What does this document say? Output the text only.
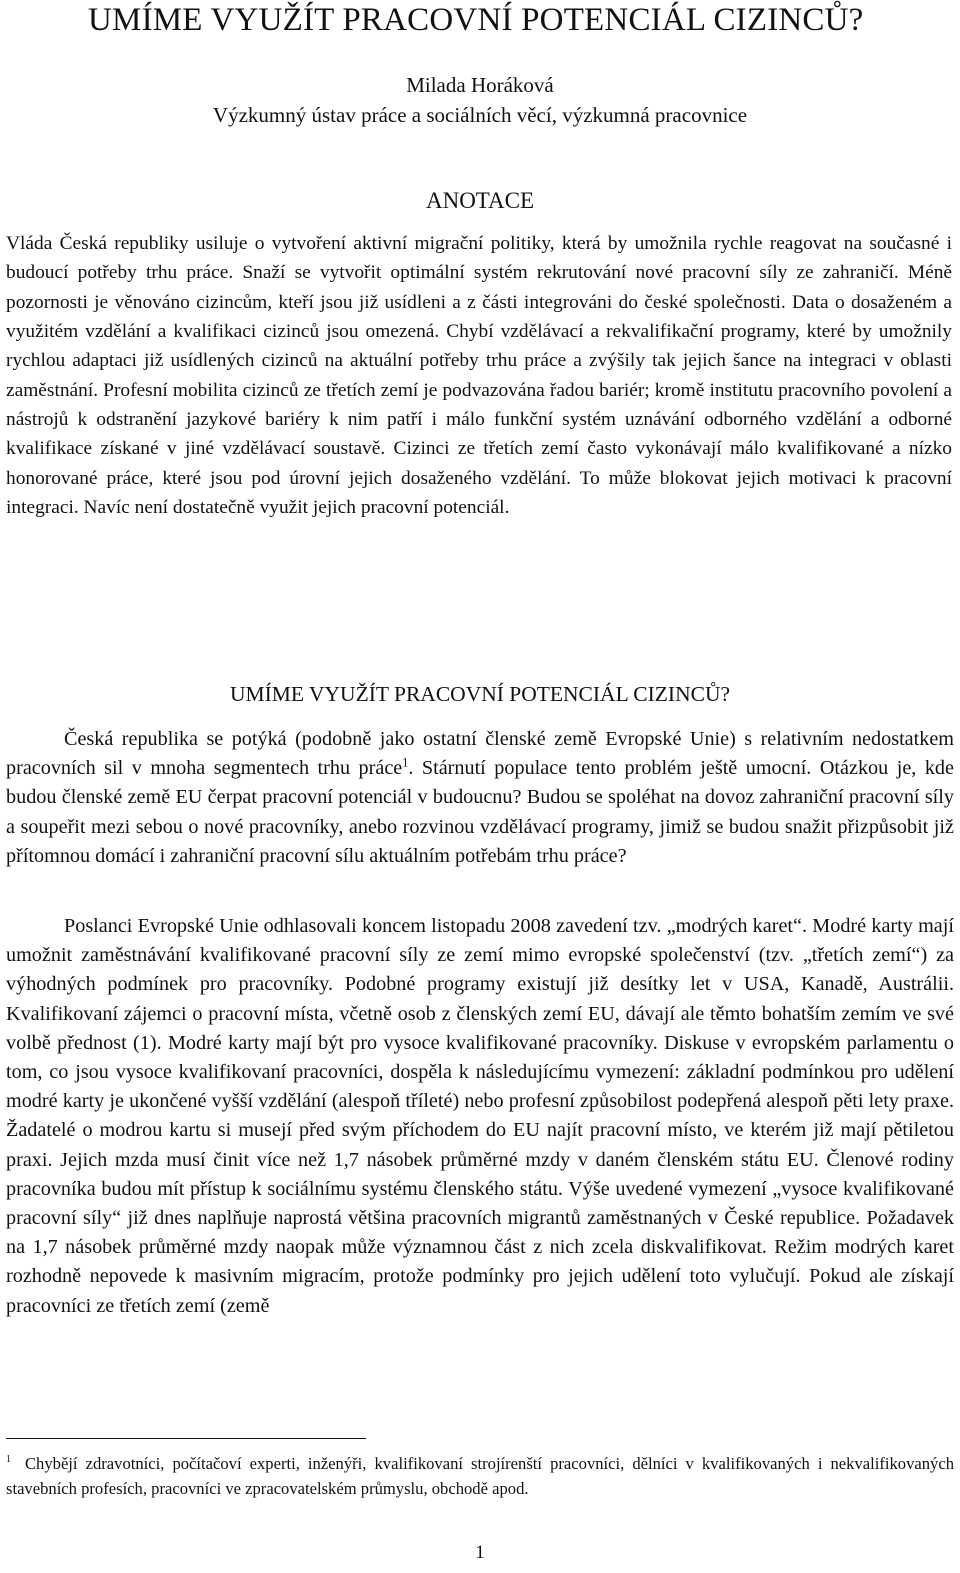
UMÍME VYUŽÍT PRACOVNÍ POTENCIÁL CIZINCŮ?
Milada Horáková
Výzkumný ústav práce a sociálních věcí, výzkumná pracovnice
ANOTACE

Vláda Česká republiky usiluje o vytvoření aktivní migrační politiky, která by umožnila rychle reagovat na současné i budoucí potřeby trhu práce. Snaží se vytvořit optimální systém rekrutování nové pracovní síly ze zahraničí. Méně pozornosti je věnováno cizincům, kteří jsou již usídleni a z části integrováni do české společnosti. Data o dosaženém a využitém vzdělání a kvalifikaci cizinců jsou omezená. Chybí vzdělávací a rekvalifikační programy, které by umožnily rychlou adaptaci již usídlených cizinců na aktuální potřeby trhu práce a zvýšily tak jejich šance na integraci v oblasti zaměstnání. Profesní mobilita cizinců ze třetích zemí je podvazována řadou bariér; kromě institutu pracovního povolení a nástrojů k odstranění jazykové bariéry k nim patří i málo funkční systém uznávání odborného vzdělání a odborné kvalifikace získané v jiné vzdělávací soustavě. Cizinci ze třetích zemí často vykonávají málo kvalifikované a nízko honorované práce, které jsou pod úrovní jejich dosaženého vzdělání. To může blokovat jejich motivaci k pracovní integraci. Navíc není dostatečně využit jejich pracovní potenciál.

UMÍME VYUŽÍT PRACOVNÍ POTENCIÁL CIZINCŮ?

Česká republika se potýká (podobně jako ostatní členské země Evropské Unie) s relativním nedostatkem pracovních sil v mnoha segmentech trhu práce$^1$. Stárnutí populace tento problém ještě umocní. Otázkou je, kde budou členské země EU čerpat pracovní potenciál v budoucnu? Budou se spoléhat na dovoz zahraniční pracovní síly a soupeřit mezi sebou o nové pracovníky, anebo rozvinou vzdělávací programy, jimiž se budou snažit přizpůsobit již přítomnou domácí i zahraniční pracovní sílu aktuálním potřebám trhu práce?

Poslanci Evropské Unie odhlasovali koncem listopadu 2008 zavedení tzv. „modrých karet“. Modré karty mají umožnit zaměstnávání kvalifikované pracovní síly ze zemí mimo evropské společenství (tzv. „třetích zemí“) za výhodných podmínek pro pracovníky. Podobné programy existují již desítky let v USA, Kanadě, Austrálii. Kvalifikovaní zájemci o pracovní místa, včetně osob z členských zemí EU, dávají ale těmto bohatším zemím ve své volbě přednost (1). Modré karty mají být pro vysoce kvalifikované pracovníky. Diskuse v evropském parlamentu o tom, co jsou vysoce kvalifikovaní pracovníci, dospěla k následujícímu vymezení: základní podmínkou pro udělení modré karty je ukončené vyšší vzdělání (alespoň tříleté) nebo profesní způsobilost podepřená alespoň pěti lety praxe. Žadatelé o modrou kartu si musejí před svým příchodem do EU najít pracovní místo, ve kterém již mají pětiletou praxi. Jejich mzda musí činit více než 1,7 násobek průměrné mzdy v daném členském státu EU. Členové rodiny pracovníka budou mít přístup k sociálnímu systému členského státu. Výše uvedené vymezení „vysoce kvalifikované pracovní síly“ již dnes naplňuje naprostá většina pracovních migrantů zaměstnaných v České republice. Požadavek na 1,7 násobek průměrné mzdy naopak může významnou část z nich zcela diskvalifikovat. Režim modrých karet rozhodně nepovede k masivním migracím, protože podmínky pro jejich udělení toto vylučují. Pokud ale získají pracovníci ze třetích zemí (země

$^1$ Chybějí zdravotníci, počítačoví experti, inženýři, kvalifikovaní strojírenští pracovníci, dělníci v kvalifikovaných i nekvalifikovaných stavebních profesích, pracovníci ve zpracovatelském průmyslu, obchodě apod.

1
